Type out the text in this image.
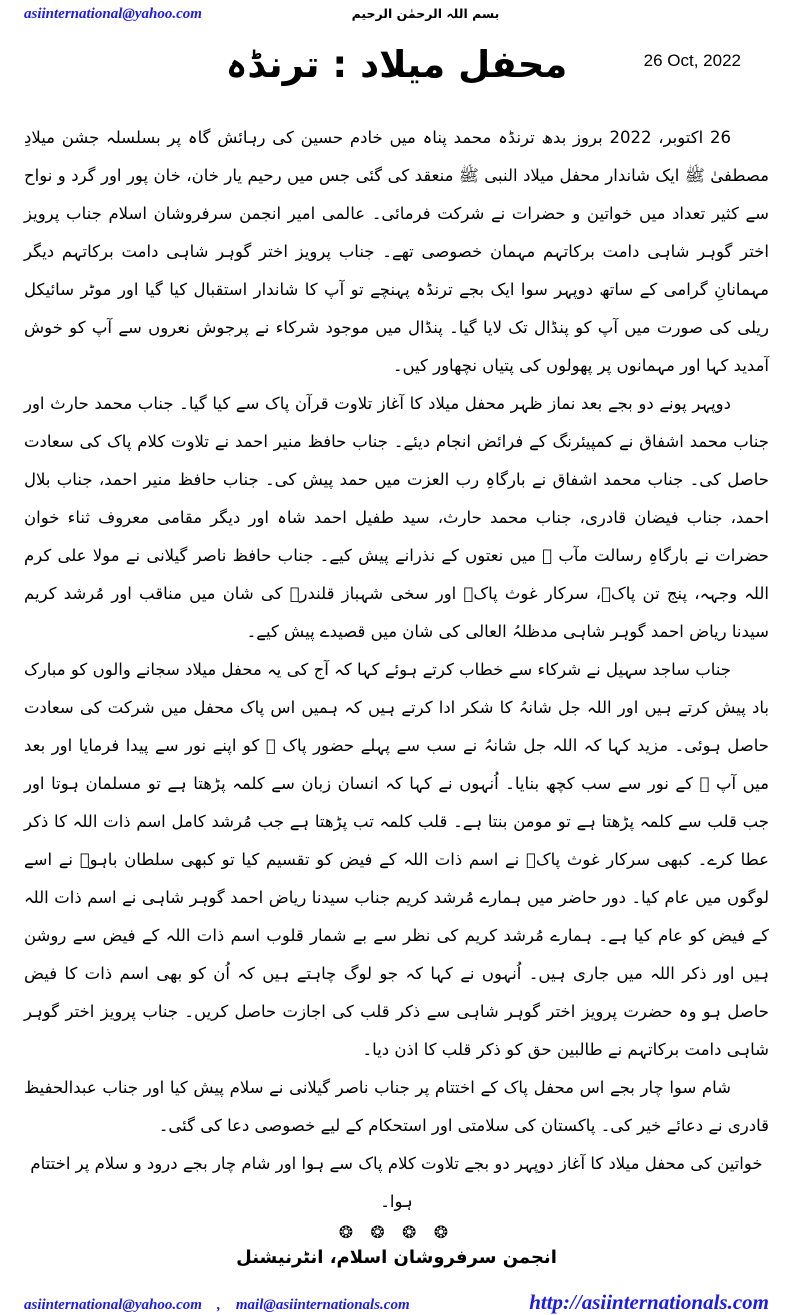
asiinternational@yahoo.com	بسم اللہ الرحمٰن الرحیم
محفل میلاد : ترنڈہ	26 Oct, 2022

26 اکتوبر، 2022 بروز بدھ ترنڈہ محمد پناہ میں خادم حسین کی رہائش گاہ پر بسلسلہ جشن میلادِ مصطفیٰ ﷺ ایک شاندار محفل میلاد النبی ﷺ منعقد کی گئی جس میں رحیم یار خان، خان پور اور گرد و نواح سے کثیر تعداد میں خواتین و حضرات نے شرکت فرمائی۔ عالمی امیر انجمن سرفروشان اسلام جناب پرویز اختر گوہر شاہی دامت برکاتہم مہمان خصوصی تھے۔ جناب پرویز اختر گوہر شاہی دامت برکاتہم دیگر مہمانانِ گرامی کے ساتھ دوپہر سوا ایک بجے ترنڈہ پہنچے تو آپ کا شاندار استقبال کیا گیا اور موٹر سائیکل ریلی کی صورت میں آپ کو پنڈال تک لایا گیا۔ پنڈال میں موجود شرکاء نے پرجوش نعروں سے آپ کو خوش آمدید کہا اور مہمانوں پر پھولوں کی پتیاں نچھاور کیں۔

دوپہر پونے دو بجے بعد نماز ظہر محفل میلاد کا آغاز تلاوت قرآن پاک سے کیا گیا۔ جناب محمد حارث اور جناب محمد اشفاق نے کمپیئرنگ کے فرائض انجام دیئے۔ جناب حافظ منیر احمد نے تلاوت کلام پاک کی سعادت حاصل کی۔ جناب محمد اشفاق نے بارگاہِ رب العزت میں حمد پیش کی۔ جناب حافظ منیر احمد، جناب بلال احمد، جناب فیضان قادری، جناب محمد حارث، سید طفیل احمد شاہ اور دیگر مقامی معروف ثناء خوان حضرات نے بارگاہِ رسالت مآب ﷺ میں نعتوں کے نذرانے پیش کیے۔ جناب حافظ ناصر گیلانی نے مولا علی کرم اللہ وجہہ، پنج تن پاکؑ، سرکار غوث پاکؒ اور سخی شہباز قلندرؒ کی شان میں مناقب اور مُرشد کریم سیدنا ریاض احمد گوہر شاہی مدظلہُ العالی کی شان میں قصیدے پیش کیے۔

جناب ساجد سہیل نے شرکاء سے خطاب کرتے ہوئے کہا کہ آج کی یہ محفل میلاد سجانے والوں کو مبارک باد پیش کرتے ہیں اور اللہ جل شانہُ کا شکر ادا کرتے ہیں کہ ہمیں اس پاک محفل میں شرکت کی سعادت حاصل ہوئی۔ مزید کہا کہ اللہ جل شانہُ نے سب سے پہلے حضور پاک ﷺ کو اپنے نور سے پیدا فرمایا اور بعد میں آپ ﷺ کے نور سے سب کچھ بنایا۔ اُنہوں نے کہا کہ انسان زبان سے کلمہ پڑھتا ہے تو مسلمان ہوتا اور جب قلب سے کلمہ پڑھتا ہے تو مومن بنتا ہے۔ قلب کلمہ تب پڑھتا ہے جب مُرشد کامل اسم ذات اللہ کا ذکر عطا کرے۔ کبھی سرکار غوث پاکؒ نے اسم ذات اللہ کے فیض کو تقسیم کیا تو کبھی سلطان باہوؒ نے اسے لوگوں میں عام کیا۔ دور حاضر میں ہمارے مُرشد کریم جناب سیدنا ریاض احمد گوہر شاہی نے اسم ذات اللہ کے فیض کو عام کیا ہے۔ ہمارے مُرشد کریم کی نظر سے بے شمار قلوب اسم ذات اللہ کے فیض سے روشن ہیں اور ذکر اللہ میں جاری ہیں۔ اُنہوں نے کہا کہ جو لوگ چاہتے ہیں کہ اُن کو بھی اسم ذات کا فیض حاصل ہو وہ حضرت پرویز اختر گوہر شاہی سے ذکر قلب کی اجازت حاصل کریں۔ جناب پرویز اختر گوہر شاہی دامت برکاتہم نے طالبین حق کو ذکر قلب کا اذن دیا۔

شام سوا چار بجے اس محفل پاک کے اختتام پر جناب ناصر گیلانی نے سلام پیش کیا اور جناب عبدالحفیظ قادری نے دعائے خیر کی۔ پاکستان کی سلامتی اور استحکام کے لیے خصوصی دعا کی گئی۔

خواتین کی محفل میلاد کا آغاز دوپہر دو بجے تلاوت کلام پاک سے ہوا اور شام چار بجے درود و سلام پر اختتام ہوا۔

❂ ❂ ❂ ❂
انجمن سرفروشان اسلام، انٹرنیشنل
asiinternational@yahoo.com , mail@asiinternationals.com	http://asiinternationals.com
